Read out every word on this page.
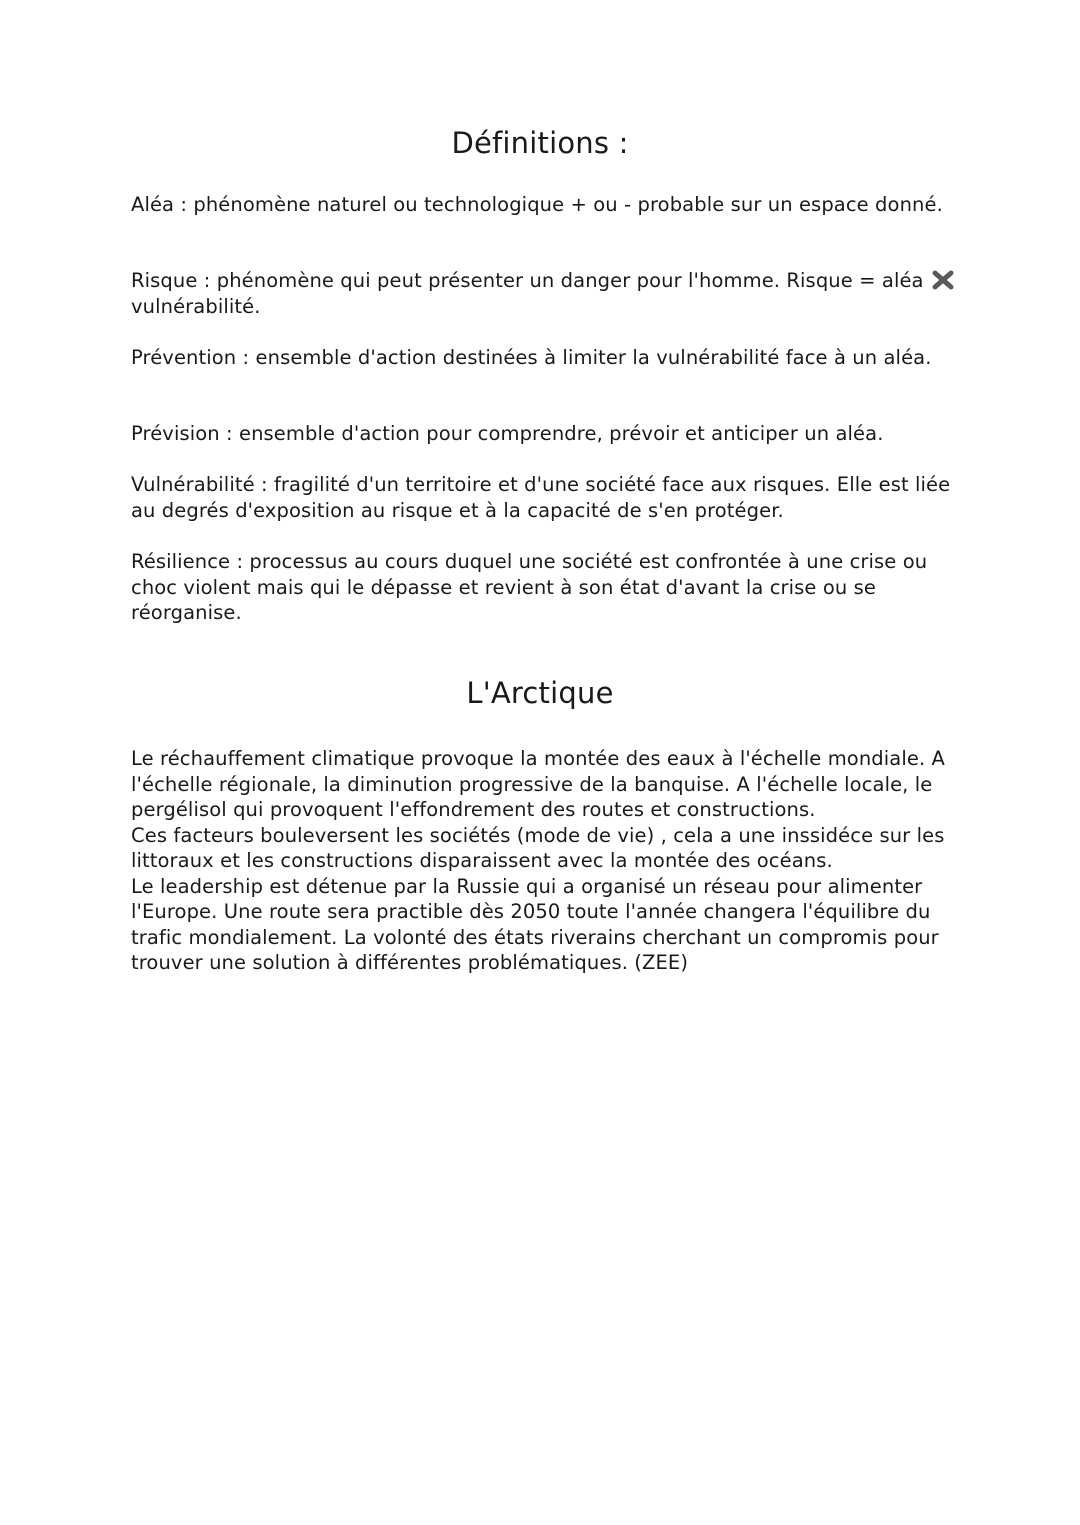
Définitions :

Aléa : phénomène naturel ou technologique + ou - probable sur un espace donné.

Risque : phénomène qui peut présenter un danger pour l'homme. Risque = aléa  vulnérabilité.

Prévention : ensemble d'action destinées à limiter la vulnérabilité face à un aléa.

Prévision : ensemble d'action pour comprendre, prévoir et anticiper un aléa.

Vulnérabilité : fragilité d'un territoire et d'une société face aux risques. Elle est liée au degrés d'exposition au risque et à la capacité de s'en protéger.

Résilience : processus au cours duquel une société est confrontée à une crise ou choc violent mais qui le dépasse et revient à son état d'avant la crise ou se réorganise.

L'Arctique
Le réchauffement climatique provoque la montée des eaux à l'échelle mondiale. A l'échelle régionale, la diminution progressive de la banquise. A l'échelle locale, le pergélisol qui provoquent l'effondrement des routes et constructions.
Ces facteurs bouleversent les sociétés (mode de vie) , cela a une inssidéce sur les littoraux et les constructions disparaissent avec la montée des océans.
Le leadership est détenue par la Russie qui a organisé un réseau pour alimenter l'Europe. Une route sera practible dès 2050 toute l'année changera l'équilibre du trafic mondialement. La volonté des états riverains cherchant un compromis pour trouver une solution à différentes problématiques. (ZEE)
